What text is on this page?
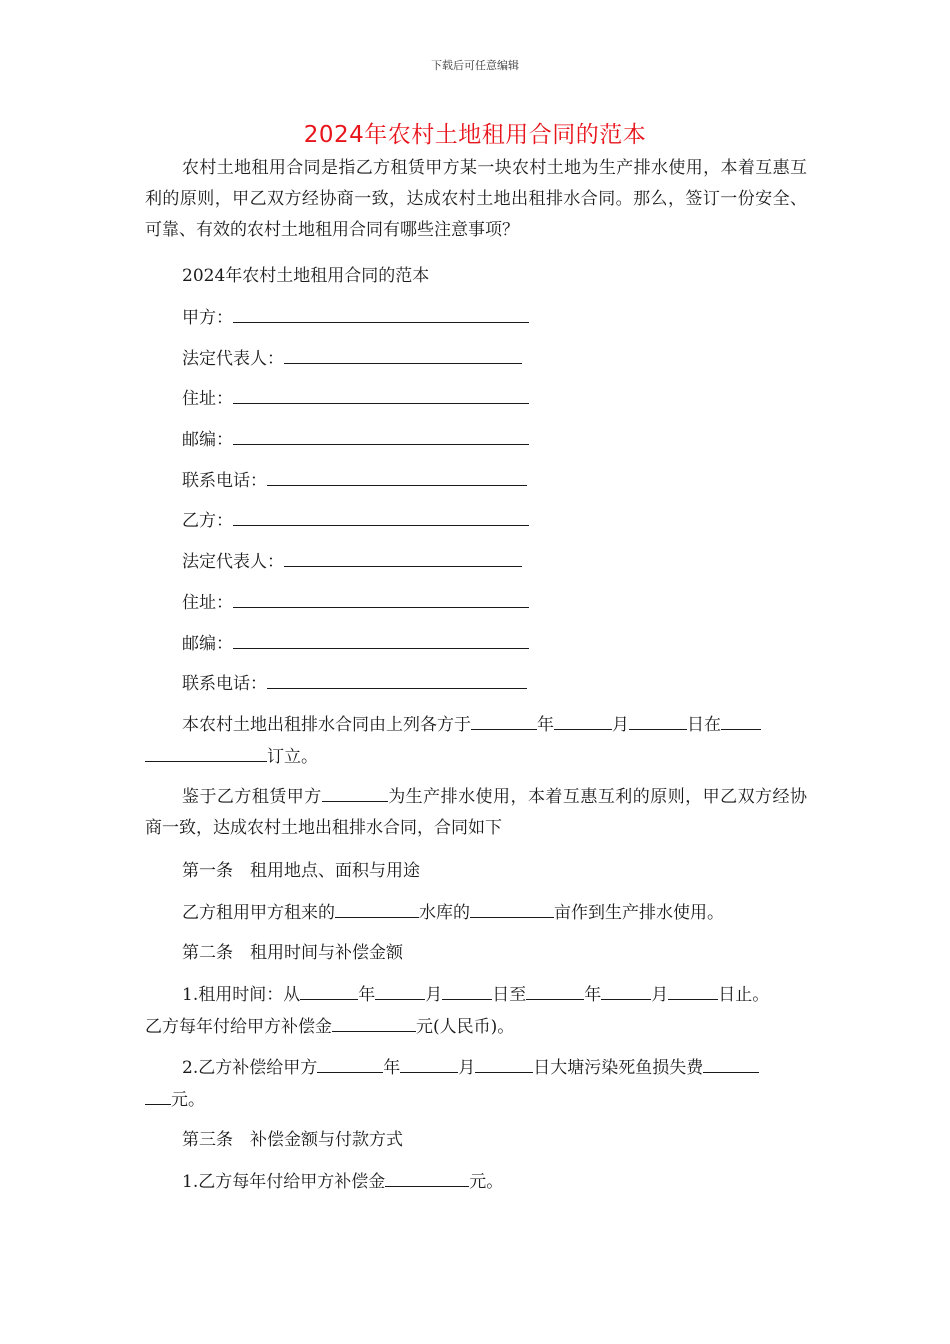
下载后可任意编辑
2024年农村土地租用合同的范本

农村土地租用合同是指乙方租赁甲方某一块农村土地为生产排水使用，本着互惠互利的原则，甲乙双方经协商一致，达成农村土地出租排水合同。那么，签订一份安全、可靠、有效的农村土地租用合同有哪些注意事项？

2024年农村土地租用合同的范本
甲方：
法定代表人：
住址：
邮编：
联系电话：
乙方：
法定代表人：
住址：
邮编：
联系电话：
本农村土地出租排水合同由上列各方于	年	月	日在
订立。

鉴于乙方租赁甲方	为生产排水使用，本着互惠互利的原则，甲乙双方经协商一致，达成农村土地出租排水合同，合同如下

第一条　租用地点、面积与用途
乙方租用甲方租来的	水库的	亩作到生产排水使用。
第二条　租用时间与补偿金额
1.租用时间：从	年	月	日至	年	月	日止。
乙方每年付给甲方补偿金	元(人民币)。
2.乙方补偿给甲方	年	月	日大塘污染死鱼损失费
元。
第三条　补偿金额与付款方式
1.乙方每年付给甲方补偿金	元。
